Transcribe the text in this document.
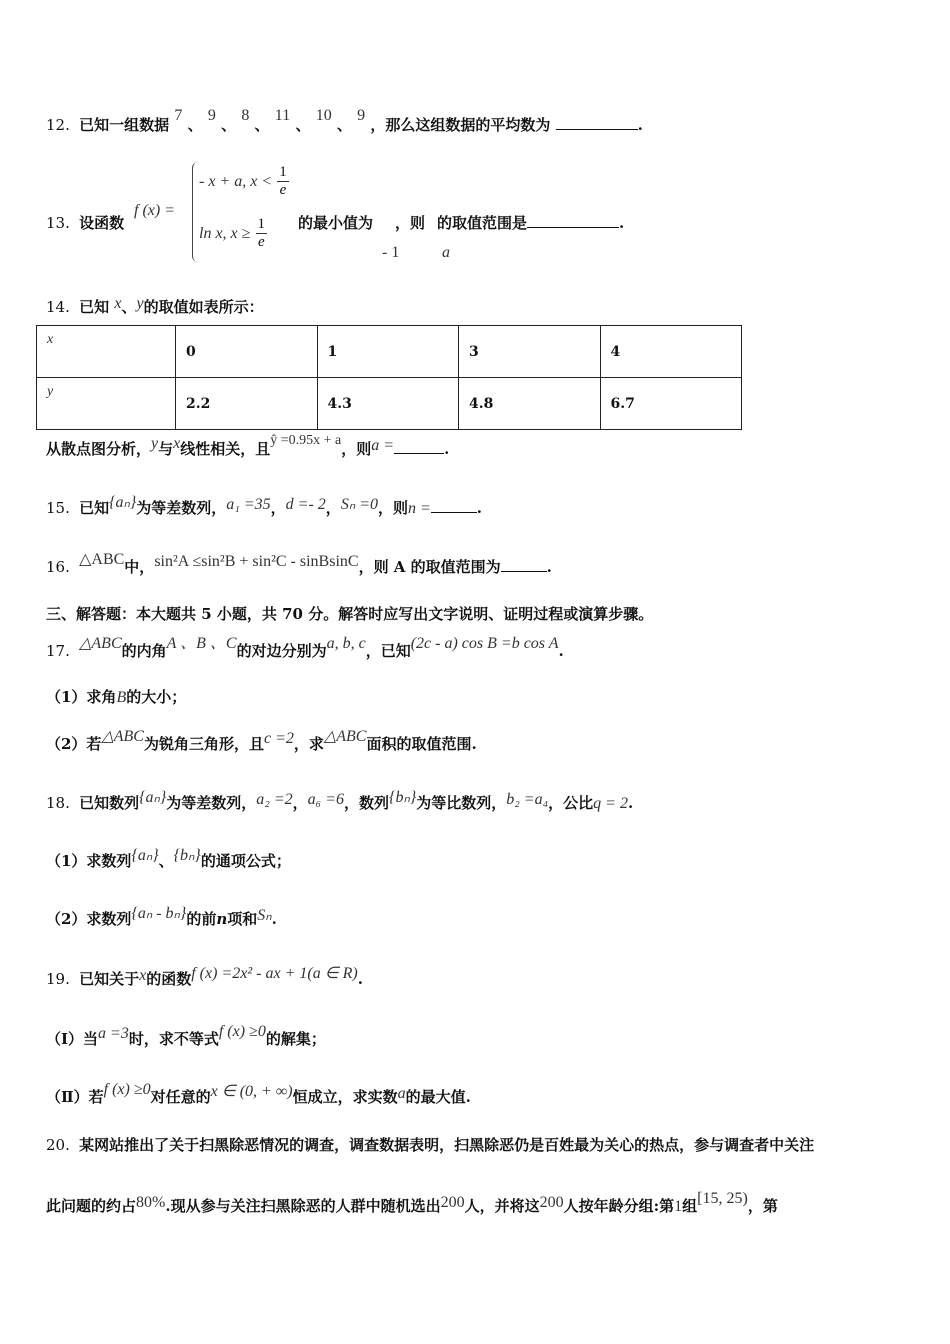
12. 已知一组数据 7 、 9 、 8 、 11 、 10 、 9 ，那么这组数据的平均数为	.
13. 设函数
f (x) =
- x + a, $x < \frac{1}{e}$
ln x, $x \ge \frac{1}{e}$ 的最小值为 ，则 的取值范围是	.
- 1	a
14. 已知 x、y的取值如表所示：
x	0	1	3	4
y	2.2	4.3	4.8	6.7
从散点图分析，y与x线性相关，且ŷ =0.95x + a，则a =	.
15. 已知{aₙ}为等差数列，a₁ =35，d =- 2，Sₙ =0，则n =	.
16. △ABC中，sin²A ≤sin²B + sin²C - sinBsinC，则 A 的取值范围为	.
三、解答题：本大题共 5 小题，共 70 分。解答时应写出文字说明、证明过程或演算步骤。
17. △ABC的内角A 、B 、C的对边分别为a, b, c，已知(2c - a) cos B =b cos A.
（1）求角B的大小；
（2）若△ABC为锐角三角形，且c =2，求△ABC面积的取值范围.
18. 已知数列{aₙ}为等差数列，a₂ =2，a₆ =6，数列{bₙ}为等比数列，b₂ =a₄，公比q = 2.
（1）求数列{aₙ}、{bₙ}的通项公式；
（2）求数列{aₙ - bₙ}的前n项和Sₙ.
19. 已知关于x的函数f (x) =2x² - ax + 1(a ∈ R).
（Ⅰ）当a =3时，求不等式f (x) ≥0的解集；
（Ⅱ）若f (x) ≥0对任意的x ∈ (0, + ∞)恒成立，求实数a的最大值.
20. 某网站推出了关于扫黑除恶情况的调查，调查数据表明，扫黑除恶仍是百姓最为关心的热点，参与调查者中关注
此问题的约占80%.现从参与关注扫黑除恶的人群中随机选出200人，并将这200人按年龄分组:第1组[15, 25)，第
